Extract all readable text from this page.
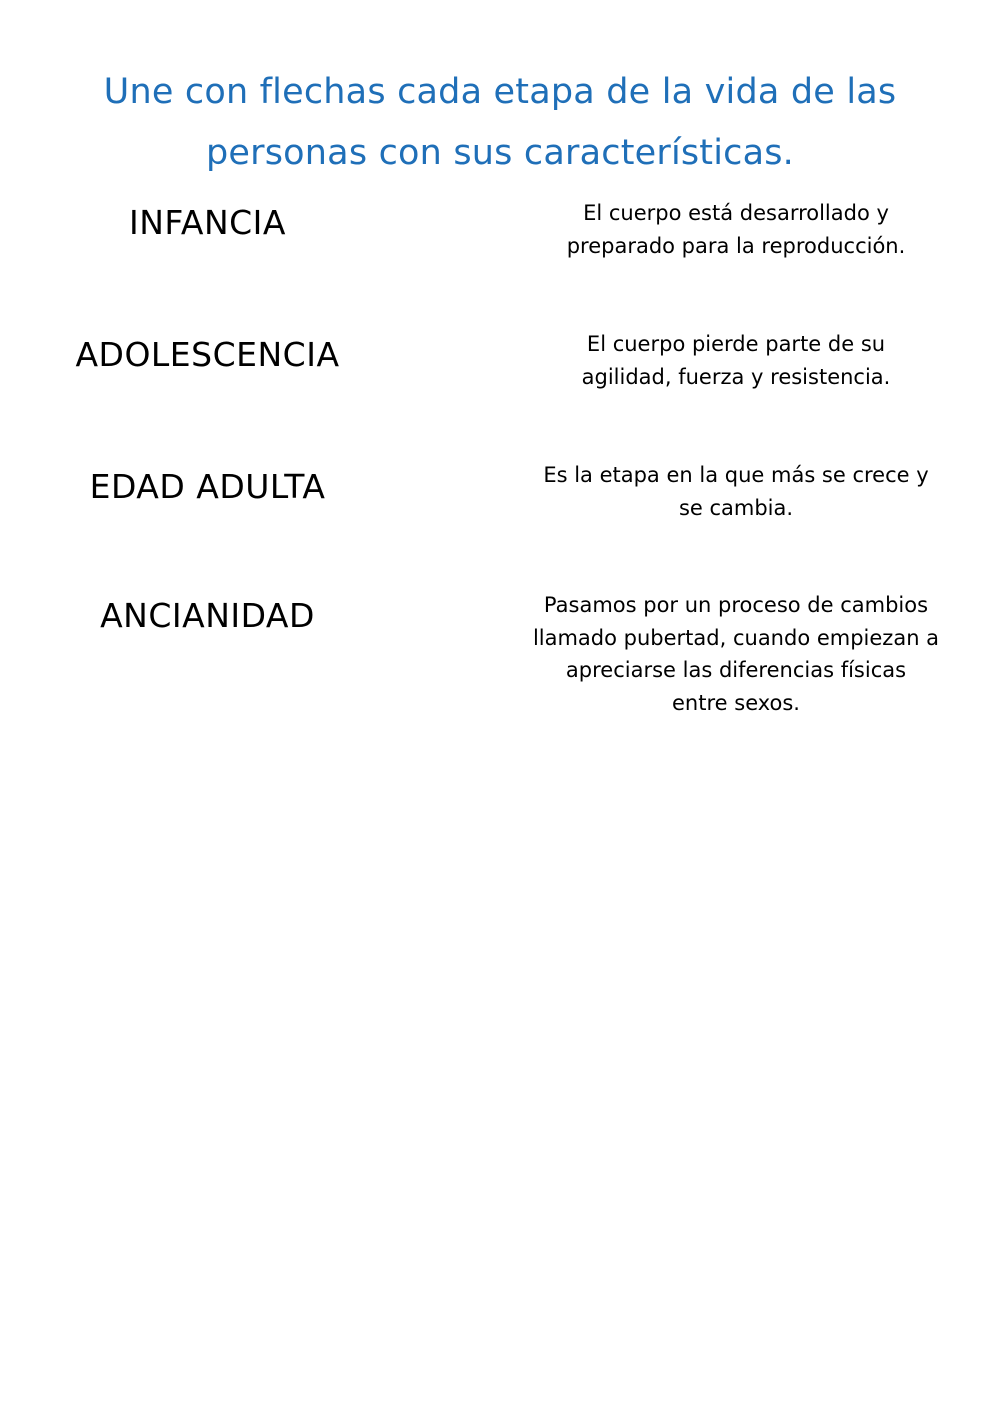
Une con flechas cada etapa de la vida de las
personas con sus características.
INFANCIA
ADOLESCENCIA
EDAD ADULTA
ANCIANIDAD
El cuerpo está desarrollado y
preparado para la reproducción.
El cuerpo pierde parte de su
agilidad, fuerza y resistencia.
Es la etapa en la que más se crece y
se cambia.
Pasamos por un proceso de cambios
llamado pubertad, cuando empiezan a
apreciarse las diferencias físicas
entre sexos.
